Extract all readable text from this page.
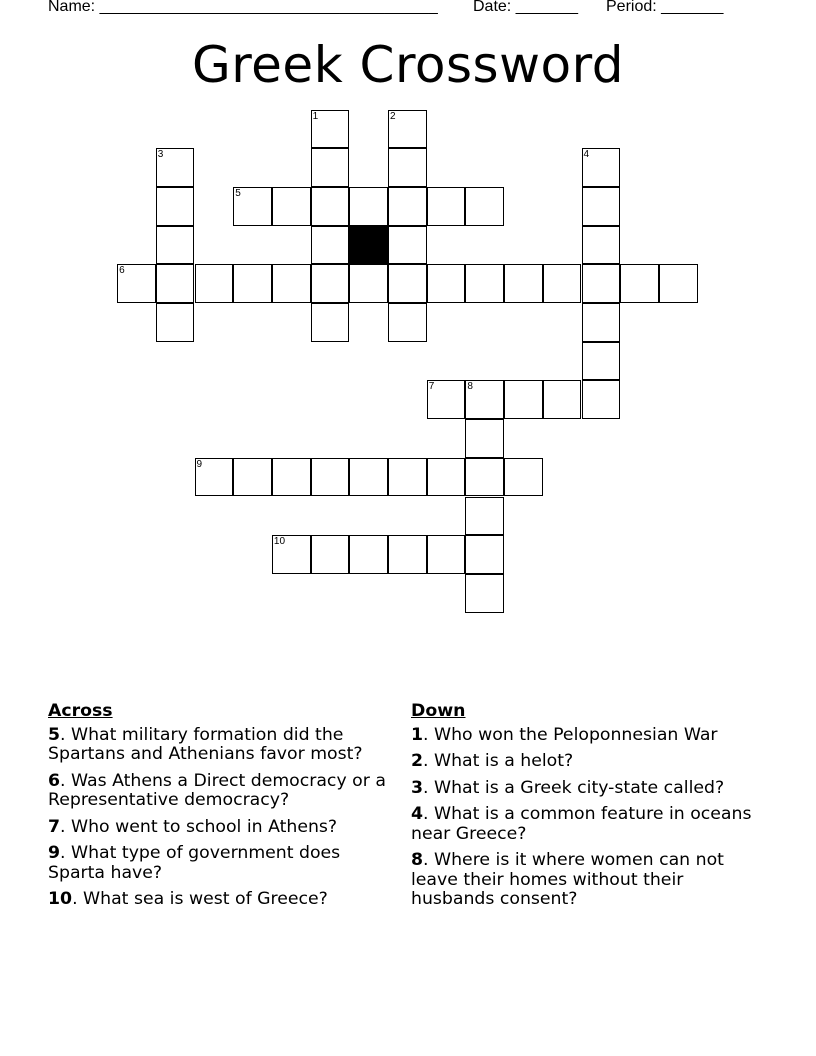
Name: ______________________________________ Date: _______ Period: _______
Greek Crossword
1	2
3	4
5
6
7	8
9
10
Across
5. What military formation did the Spartans and Athenians favor most?
6. Was Athens a Direct democracy or a Representative democracy?
7. Who went to school in Athens?
9. What type of government does Sparta have?
10. What sea is west of Greece?
Down
1. Who won the Peloponnesian War
2. What is a helot?
3. What is a Greek city-state called?
4. What is a common feature in oceans near Greece?
8. Where is it where women can not leave their homes without their husbands consent?
